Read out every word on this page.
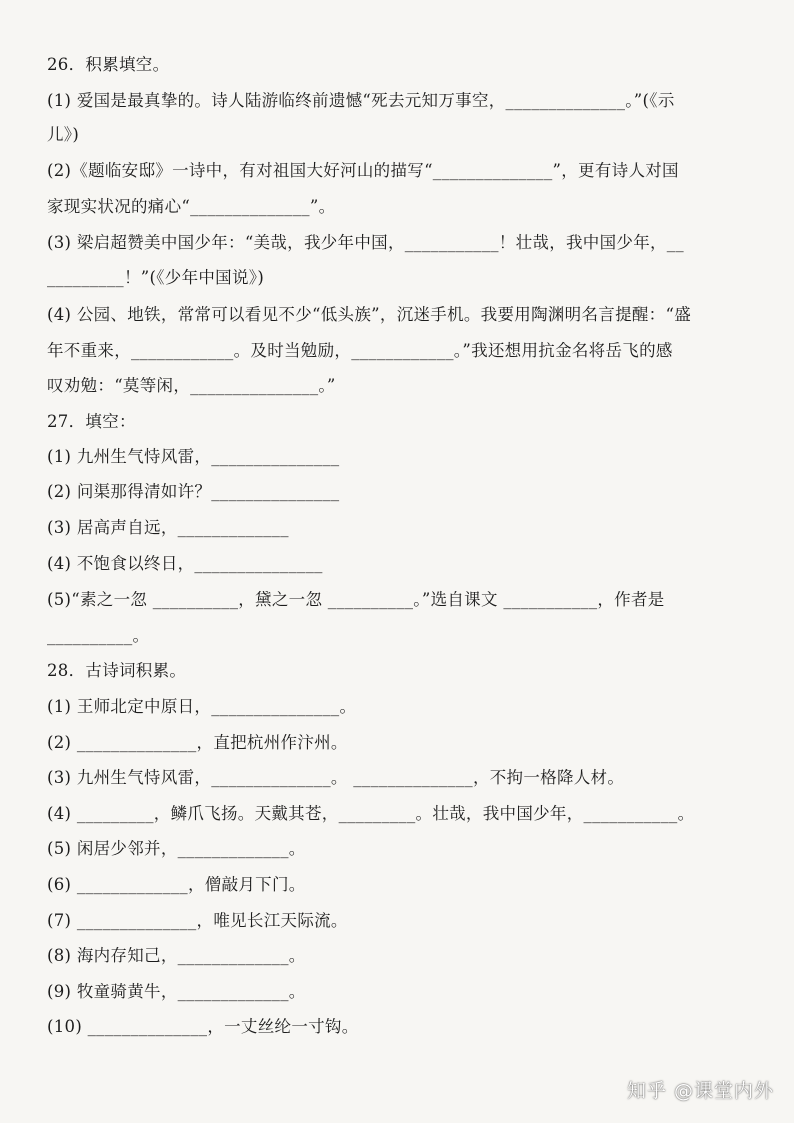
26．积累填空。
(1) 爱国是最真挚的。诗人陆游临终前遗憾“死去元知万事空，______________。”(《示
儿》)
(2)《题临安邸》一诗中，有对祖国大好河山的描写“______________”，更有诗人对国
家现实状况的痛心“______________”。
(3) 梁启超赞美中国少年：“美哉，我少年中国，___________！壮哉，我中国少年，__
_________！”(《少年中国说》)
(4) 公园、地铁，常常可以看见不少“低头族”，沉迷手机。我要用陶渊明名言提醒：“盛
年不重来，____________。及时当勉励，____________。”我还想用抗金名将岳飞的感
叹劝勉：“莫等闲，_______________。”
27．填空：
(1) 九州生气恃风雷，_______________
(2) 问渠那得清如许？_______________
(3) 居高声自远，_____________
(4) 不饱食以终日，_______________
(5)“素之一忽 __________，黛之一忽 __________。”选自课文 ___________，作者是
__________。
28．古诗词积累。
(1) 王师北定中原日，_______________。
(2) ______________，直把杭州作汴州。
(3) 九州生气恃风雷，______________。 ______________，不拘一格降人材。
(4) _________，鳞爪飞扬。天戴其苍，_________。壮哉，我中国少年，___________。
(5) 闲居少邻并，_____________。
(6) _____________，僧敲月下门。
(7) ______________，唯见长江天际流。
(8) 海内存知己，_____________。
(9) 牧童骑黄牛，_____________。
(10) ______________，一丈丝纶一寸钩。
知乎 @课堂内外
